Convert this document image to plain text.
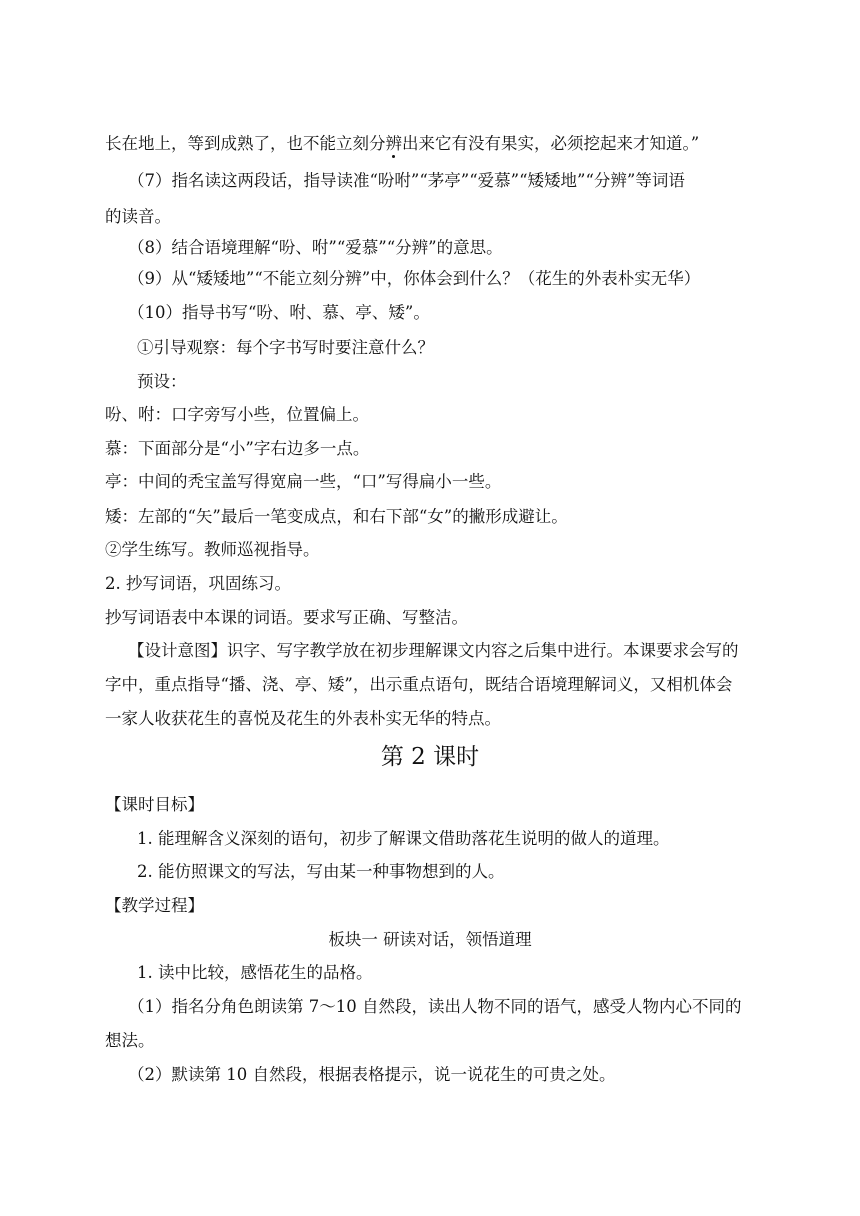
长在地上，等到成熟了，也不能立刻分辨出来它有没有果实，必须挖起来才知道。”
（7）指名读这两段话，指导读准“吩咐”“茅亭”“爱慕”“矮矮地”“分辨”等词语
的读音。
（8）结合语境理解“吩、咐”“爱慕”“分辨”的意思。
（9）从“矮矮地”“不能立刻分辨”中，你体会到什么？（花生的外表朴实无华）
（10）指导书写“吩、咐、慕、亭、矮”。
①引导观察：每个字书写时要注意什么？
预设：
吩、咐：口字旁写小些，位置偏上。
慕：下面部分是“小”字右边多一点。
亭：中间的秃宝盖写得宽扁一些，“口”写得扁小一些。
矮：左部的“矢”最后一笔变成点，和右下部“女”的撇形成避让。
②学生练写。教师巡视指导。
2. 抄写词语，巩固练习。
抄写词语表中本课的词语。要求写正确、写整洁。
【设计意图】识字、写字教学放在初步理解课文内容之后集中进行。本课要求会写的
字中，重点指导“播、浇、亭、矮”，出示重点语句，既结合语境理解词义，又相机体会
一家人收获花生的喜悦及花生的外表朴实无华的特点。
第 2 课时
【课时目标】
1. 能理解含义深刻的语句，初步了解课文借助落花生说明的做人的道理。
2. 能仿照课文的写法，写由某一种事物想到的人。
【教学过程】
板块一 研读对话，领悟道理
1. 读中比较，感悟花生的品格。
（1）指名分角色朗读第 7～10 自然段，读出人物不同的语气，感受人物内心不同的
想法。
（2）默读第 10 自然段，根据表格提示，说一说花生的可贵之处。
